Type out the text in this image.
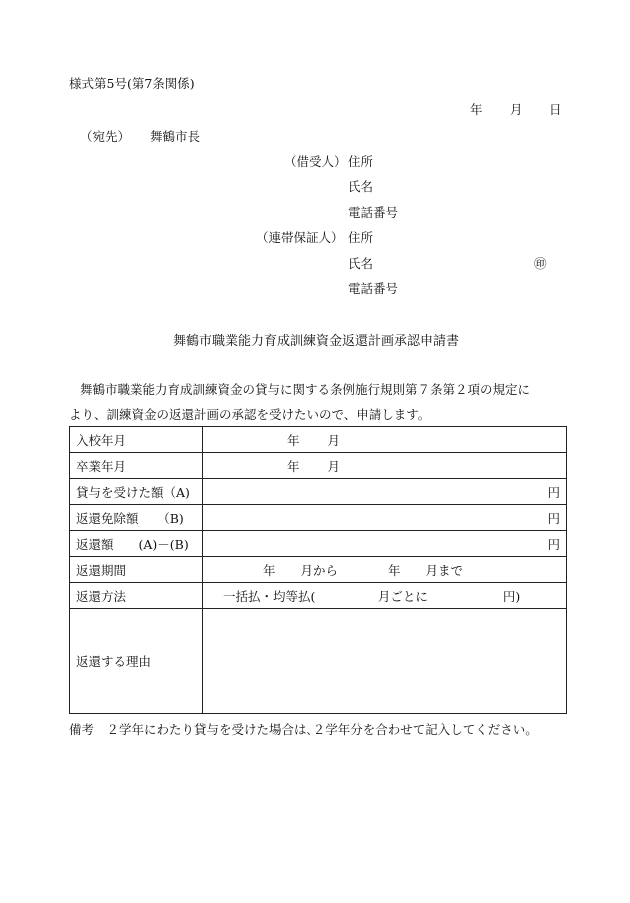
様式第5号(第7条関係)
年 月 日
（宛先） 舞鶴市長
（借受人） 住所
氏名
電話番号
（連帯保証人） 住所
氏名	㊞
電話番号
舞鶴市職業能力育成訓練資金返還計画承認申請書
舞鶴市職業能力育成訓練資金の貸与に関する条例施行規則第７条第２項の規定に
より、訓練資金の返還計画の承認を受けたいので、申請します。
入校年月	年 月
卒業年月	年 月
貸与を受けた額（A)	円

返還免除額　　（B)	円

返還額　　(A)－(B)	円

返還期間	年　　月から　　　　年　　月まで
返還方法	一括払・均等払(　　　　　月ごとに　　　　　　円)
返還する理由	
備考　２学年にわたり貸与を受けた場合は､２学年分を合わせて記入してください。
